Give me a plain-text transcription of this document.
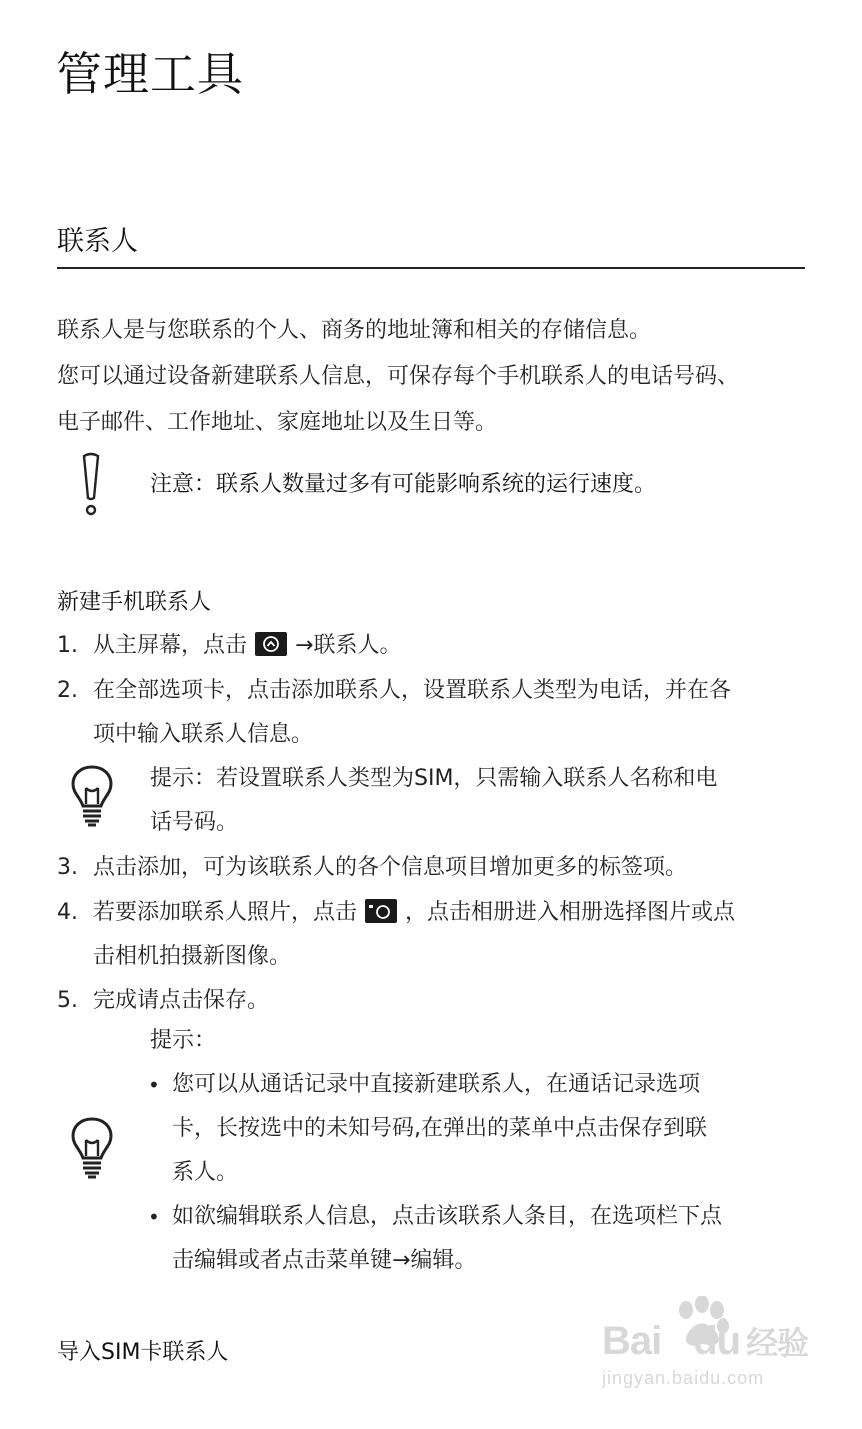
管理工具
联系人
联系人是与您联系的个人、商务的地址簿和相关的存储信息。
您可以通过设备新建联系人信息，可保存每个手机联系人的电话号码、
电子邮件、工作地址、家庭地址以及生日等。
注意：联系人数量过多有可能影响系统的运行速度。
新建手机联系人
1. 从主屏幕，点击 →联系人。
2. 在全部选项卡，点击添加联系人，设置联系人类型为电话，并在各
项中输入联系人信息。
提示：若设置联系人类型为SIM，只需输入联系人名称和电
话号码。
3. 点击添加，可为该联系人的各个信息项目增加更多的标签项。
4. 若要添加联系人照片，点击 ，点击相册进入相册选择图片或点
击相机拍摄新图像。
5. 完成请点击保存。
提示：
• 您可以从通话记录中直接新建联系人，在通话记录选项
卡，长按选中的未知号码,在弹出的菜单中点击保存到联
系人。
• 如欲编辑联系人信息，点击该联系人条目，在选项栏下点
击编辑或者点击菜单键→编辑。
导入SIM卡联系人	Bai du 经验
jingyan.baidu.com
